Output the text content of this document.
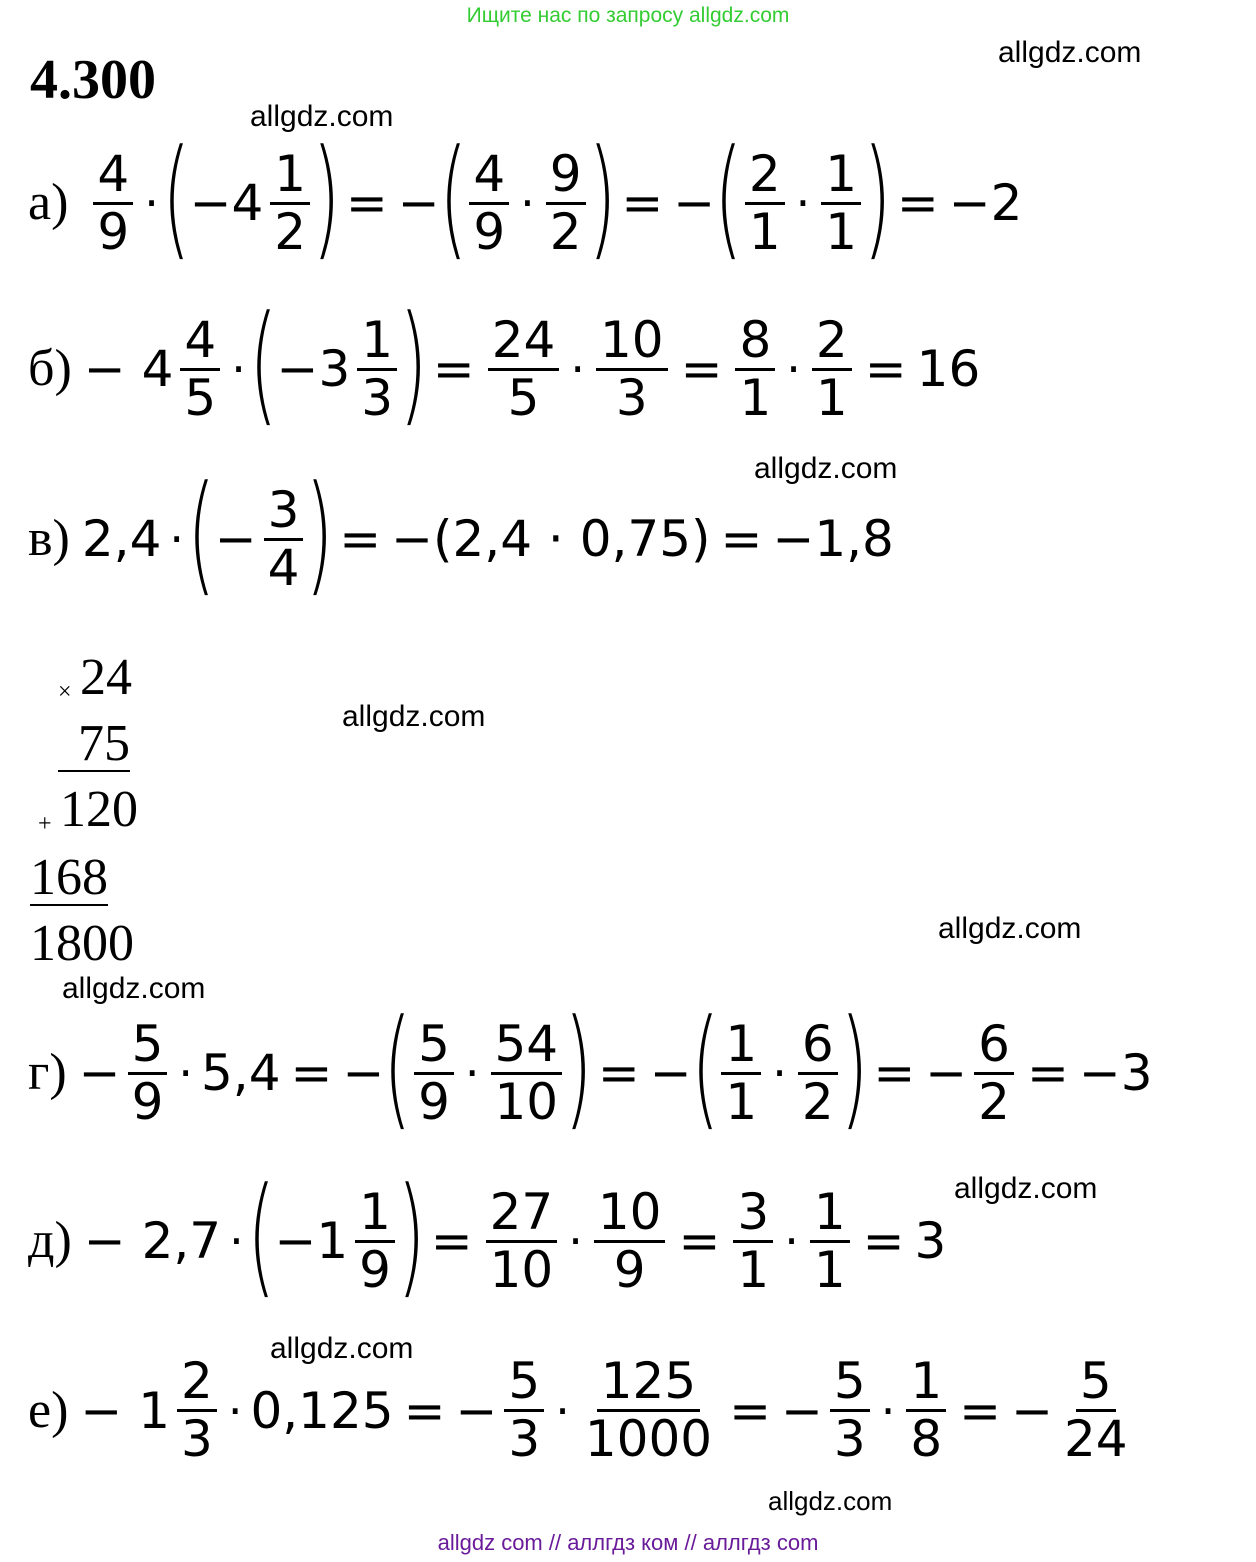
Ищите нас по запросу allgdz.com
4.300	allgdz.com
allgdz.com
allgdz.com
allgdz.com
allgdz.com
allgdz.com
allgdz.com
allgdz.com
allgdz.com
$а) \frac{4}{9}$ · ( $-4 \frac{1}{2}$ ) = − ( $\frac{4}{9} \cdot \frac{9}{2}$ ) = − ( $\frac{2}{1} \cdot \frac{1}{1}$ ) = −2
$б) - 4 \frac{4}{5}$ · ( $-3 \frac{1}{3}$ ) = $\frac{24}{5} \cdot \frac{10}{3} = \frac{8}{1} \cdot \frac{2}{1} = 16$
в) 2,4 · ( − $\frac{3}{4}$ ) = −(2,4 · 0,75) = −1,8
× 24
75
+ 120
168
1800
$г) - \frac{5}{9} \cdot 5,4$ = − ( $\frac{5}{9} \cdot \frac{54}{10}$ ) = − ( $\frac{1}{1} \cdot \frac{6}{2}$ ) = − $\frac{6}{2} = -3$
д) − 2,7 · ( $-1 \frac{1}{9}$ ) = $\frac{27}{10} \cdot \frac{10}{9} = \frac{3}{1} \cdot \frac{1}{1} = 3$
$е) - 1 \frac{2}{3} \cdot 0,125$ = − $\frac{5}{3} \cdot \frac{125}{1000}$ = − $\frac{5}{3} \cdot \frac{1}{8}$ = − $\frac{5}{24}$
allgdz com // аллгдз ком // аллгдз com
